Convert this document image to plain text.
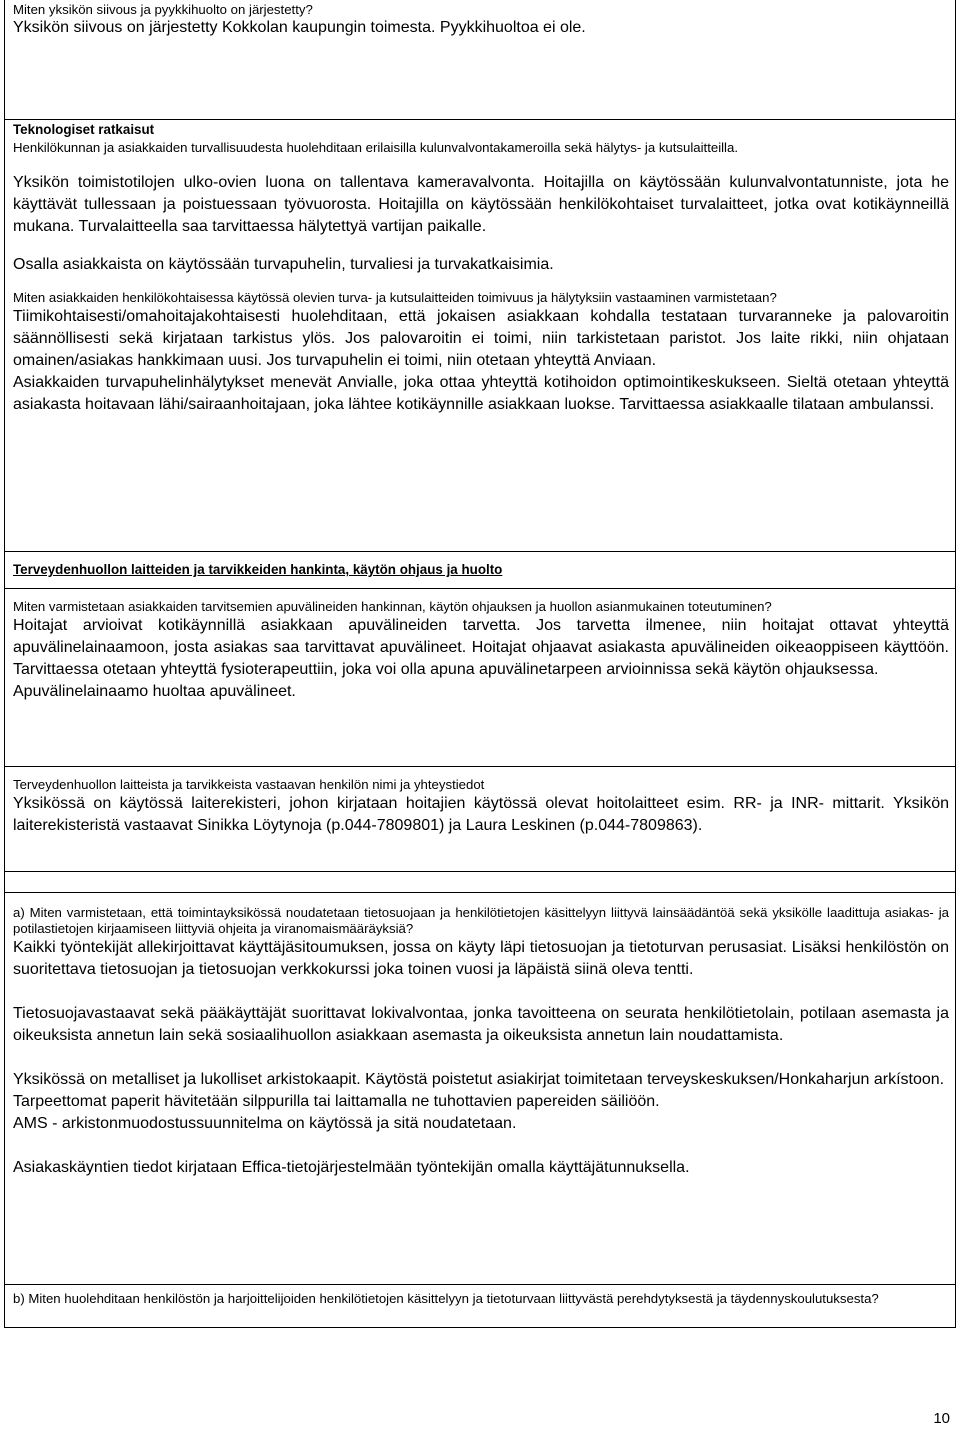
Miten yksikön siivous ja pyykkihuolto on järjestetty?

Yksikön siivous on järjestetty Kokkolan kaupungin toimesta. Pyykkihuoltoa ei ole.

Teknologiset ratkaisut

Henkilökunnan ja asiakkaiden turvallisuudesta huolehditaan erilaisilla kulunvalvontakameroilla sekä hälytys- ja kutsulaitteilla.

Yksikön toimistotilojen ulko-ovien luona on tallentava kameravalvonta. Hoitajilla on käytössään kulunvalvontatunniste, jota he käyttävät tullessaan ja poistuessaan työvuorosta. Hoitajilla on käytössään henkilökohtaiset turvalaitteet, jotka ovat kotikäynneillä mukana. Turvalaitteella saa tarvittaessa hälytettyä vartijan paikalle.

Osalla asiakkaista on käytössään turvapuhelin, turvaliesi ja turvakatkaisimia.

Miten asiakkaiden henkilökohtaisessa käytössä olevien turva- ja kutsulaitteiden toimivuus ja hälytyksiin vastaaminen varmistetaan?

Tiimikohtaisesti/omahoitajakohtaisesti huolehditaan, että jokaisen asiakkaan kohdalla testataan turvaranneke ja palovaroitin säännöllisesti sekä kirjataan tarkistus ylös. Jos palovaroitin ei toimi, niin tarkistetaan paristot. Jos laite rikki, niin ohjataan omainen/asiakas hankkimaan uusi. Jos turvapuhelin ei toimi, niin otetaan yhteyttä Anviaan.

Asiakkaiden turvapuhelinhälytykset menevät Anvialle, joka ottaa yhteyttä kotihoidon optimointikeskukseen. Sieltä otetaan yhteyttä asiakasta hoitavaan lähi/sairaanhoitajaan, joka lähtee kotikäynnille asiakkaan luokse. Tarvittaessa asiakkaalle tilataan ambulanssi.

Terveydenhuollon laitteiden ja tarvikkeiden hankinta, käytön ohjaus ja huolto

Miten varmistetaan asiakkaiden tarvitsemien apuvälineiden hankinnan, käytön ohjauksen ja huollon asianmukainen toteutuminen?

Hoitajat arvioivat kotikäynnillä asiakkaan apuvälineiden tarvetta. Jos tarvetta ilmenee, niin hoitajat ottavat yhteyttä apuvälinelainaamoon, josta asiakas saa tarvittavat apuvälineet. Hoitajat ohjaavat asiakasta apuvälineiden oikeaoppiseen käyttöön. Tarvittaessa otetaan yhteyttä fysioterapeuttiin, joka voi olla apuna apuvälinetarpeen arvioinnissa sekä käytön ohjauksessa.

Apuvälinelainaamo huoltaa apuvälineet.

Terveydenhuollon laitteista ja tarvikkeista vastaavan henkilön nimi ja yhteystiedot

Yksikössä on käytössä laiterekisteri, johon kirjataan hoitajien käytössä olevat hoitolaitteet esim. RR- ja INR- mittarit. Yksikön laiterekisteristä vastaavat Sinikka Löytynoja (p.044-7809801) ja Laura Leskinen (p.044-7809863).

a) Miten varmistetaan, että toimintayksikössä noudatetaan tietosuojaan ja henkilötietojen käsittelyyn liittyvä lainsäädäntöä sekä yksikölle laadittuja asiakas- ja potilastietojen kirjaamiseen liittyviä ohjeita ja viranomaismääräyksiä?

Kaikki työntekijät allekirjoittavat käyttäjäsitoumuksen, jossa on käyty läpi tietosuojan ja tietoturvan perusasiat. Lisäksi henkilöstön on suoritettava tietosuojan ja tietosuojan verkkokurssi joka toinen vuosi ja läpäistä siinä oleva tentti.

Tietosuojavastaavat sekä pääkäyttäjät suorittavat lokivalvontaa, jonka tavoitteena on seurata henkilötietolain, potilaan asemasta ja oikeuksista annetun lain sekä sosiaalihuollon asiakkaan asemasta ja oikeuksista annetun lain noudattamista.

Yksikössä on metalliset ja lukolliset arkistokaapit. Käytöstä poistetut asiakirjat toimitetaan terveyskeskuksen/Honkaharjun arkístoon.

Tarpeettomat paperit hävitetään silppurilla tai laittamalla ne tuhottavien papereiden säiliöön.

AMS - arkistonmuodostussuunnitelma on käytössä ja sitä noudatetaan.

Asiakaskäyntien tiedot kirjataan Effica-tietojärjestelmään työntekijän omalla käyttäjätunnuksella.

b) Miten huolehditaan henkilöstön ja harjoittelijoiden henkilötietojen käsittelyyn ja tietoturvaan liittyvästä perehdytyksestä ja täydennyskoulutuksesta?

10
